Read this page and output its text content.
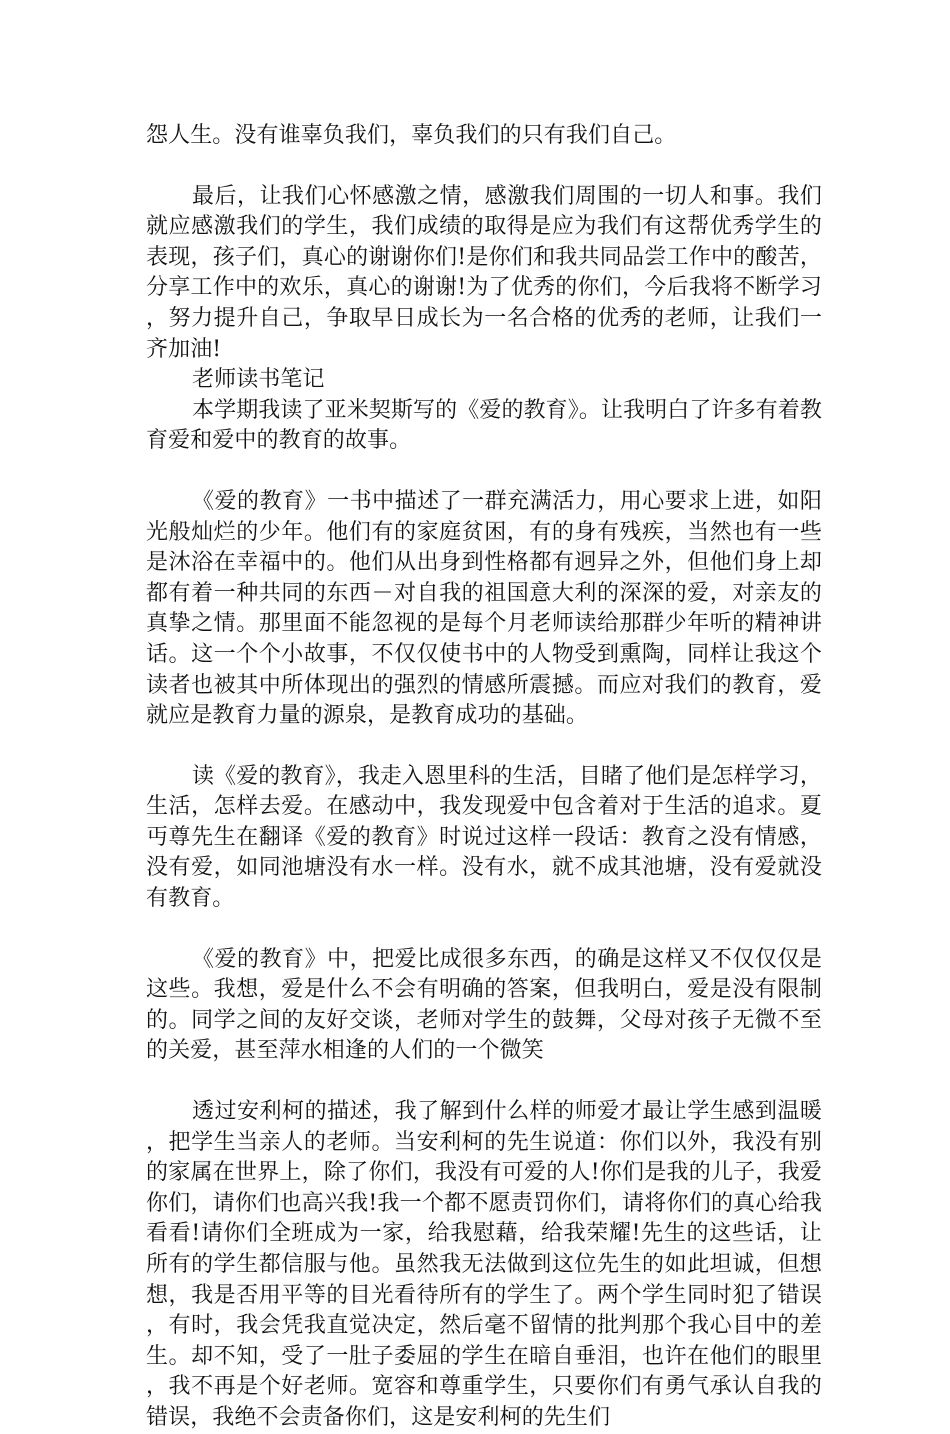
怨人生。没有谁辜负我们，辜负我们的只有我们自己。

最后，让我们心怀感激之情，感激我们周围的一切人和事。我们就应感激我们的学生，我们成绩的取得是应为我们有这帮优秀学生的表现，孩子们，真心的谢谢你们!是你们和我共同品尝工作中的酸苦，分享工作中的欢乐，真心的谢谢!为了优秀的你们，今后我将不断学习，努力提升自己，争取早日成长为一名合格的优秀的老师，让我们一齐加油!

老师读书笔记

本学期我读了亚米契斯写的《爱的教育》。让我明白了许多有着教育爱和爱中的教育的故事。

《爱的教育》一书中描述了一群充满活力，用心要求上进，如阳光般灿烂的少年。他们有的家庭贫困，有的身有残疾，当然也有一些是沐浴在幸福中的。他们从出身到性格都有迥异之外，但他们身上却都有着一种共同的东西－对自我的祖国意大利的深深的爱，对亲友的真挚之情。那里面不能忽视的是每个月老师读给那群少年听的精神讲话。这一个个小故事，不仅仅使书中的人物受到熏陶，同样让我这个读者也被其中所体现出的强烈的情感所震撼。而应对我们的教育，爱就应是教育力量的源泉，是教育成功的基础。

读《爱的教育》，我走入恩里科的生活，目睹了他们是怎样学习，生活，怎样去爱。在感动中，我发现爱中包含着对于生活的追求。夏丏尊先生在翻译《爱的教育》时说过这样一段话：教育之没有情感，没有爱，如同池塘没有水一样。没有水，就不成其池塘，没有爱就没有教育。

《爱的教育》中，把爱比成很多东西，的确是这样又不仅仅仅是这些。我想，爱是什么不会有明确的答案，但我明白，爱是没有限制的。同学之间的友好交谈，老师对学生的鼓舞，父母对孩子无微不至的关爱，甚至萍水相逢的人们的一个微笑

透过安利柯的描述，我了解到什么样的师爱才最让学生感到温暖，把学生当亲人的老师。当安利柯的先生说道：你们以外，我没有别的家属在世界上，除了你们，我没有可爱的人!你们是我的儿子，我爱你们，请你们也高兴我!我一个都不愿责罚你们，请将你们的真心给我看看!请你们全班成为一家，给我慰藉，给我荣耀!先生的这些话，让所有的学生都信服与他。虽然我无法做到这位先生的如此坦诚，但想想，我是否用平等的目光看待所有的学生了。两个学生同时犯了错误，有时，我会凭我直觉决定，然后毫不留情的批判那个我心目中的差生。却不知，受了一肚子委屈的学生在暗自垂泪，也许在他们的眼里，我不再是个好老师。宽容和尊重学生，只要你们有勇气承认自我的错误，我绝不会责备你们，这是安利柯的先生们
